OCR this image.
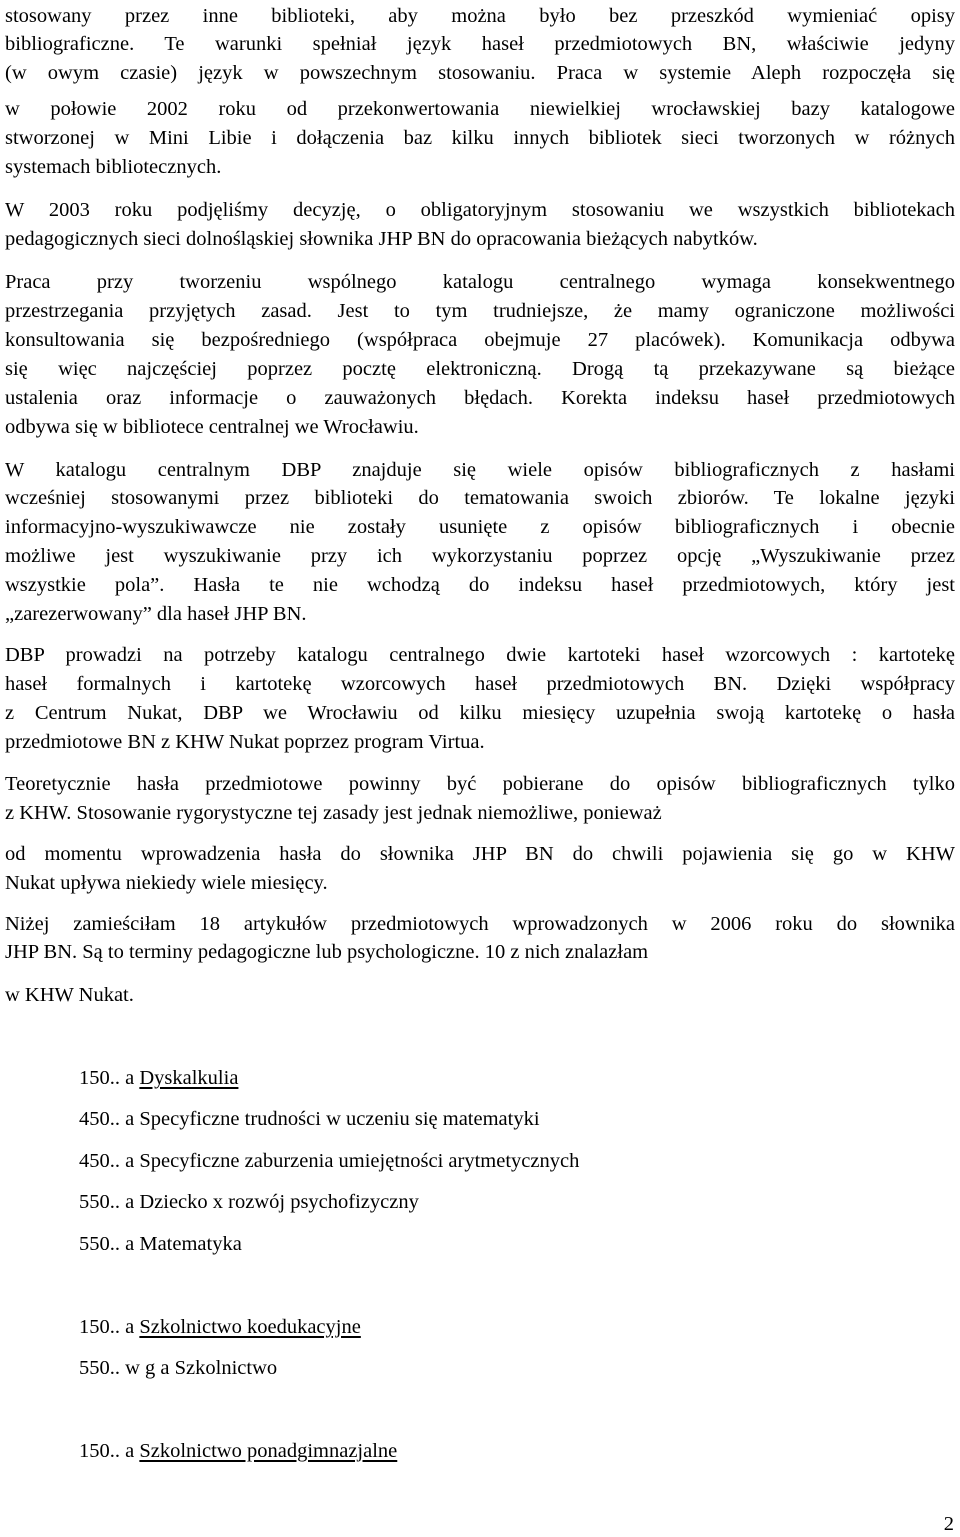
stosowany przez inne biblioteki, aby można było bez przeszkód wymieniać opisy
bibliograficzne. Te warunki spełniał język haseł przedmiotowych BN, właściwie jedyny
(w owym czasie) język w powszechnym stosowaniu. Praca w systemie Aleph rozpoczęła się
w połowie 2002 roku od przekonwertowania niewielkiej wrocławskiej bazy katalogowe
stworzonej w Mini Libie i dołączenia baz kilku innych bibliotek sieci tworzonych w różnych
systemach bibliotecznych.
W 2003 roku podjęliśmy decyzję, o obligatoryjnym stosowaniu we wszystkich bibliotekach
pedagogicznych sieci dolnośląskiej słownika JHP BN do opracowania bieżących nabytków.
Praca przy tworzeniu wspólnego katalogu centralnego wymaga konsekwentnego
przestrzegania przyjętych zasad. Jest to tym trudniejsze, że mamy ograniczone możliwości
konsultowania się bezpośredniego (współpraca obejmuje 27 placówek). Komunikacja odbywa
się więc najczęściej poprzez pocztę elektroniczną. Drogą tą przekazywane są bieżące
ustalenia oraz informacje o zauważonych błędach. Korekta indeksu haseł przedmiotowych
odbywa się w bibliotece centralnej we Wrocławiu.
W katalogu centralnym DBP znajduje się wiele opisów bibliograficznych z hasłami
wcześniej stosowanymi przez biblioteki do tematowania swoich zbiorów. Te lokalne języki
informacyjno-wyszukiwawcze nie zostały usunięte z opisów bibliograficznych i obecnie
możliwe jest wyszukiwanie przy ich wykorzystaniu poprzez opcję „Wyszukiwanie przez
wszystkie pola”. Hasła te nie wchodzą do indeksu haseł przedmiotowych, który jest
„zarezerwowany” dla haseł JHP BN.
DBP prowadzi na potrzeby katalogu centralnego dwie kartoteki haseł wzorcowych : kartotekę
haseł formalnych i kartotekę wzorcowych haseł przedmiotowych BN. Dzięki współpracy
z Centrum Nukat, DBP we Wrocławiu od kilku miesięcy uzupełnia swoją kartotekę o hasła
przedmiotowe BN z KHW Nukat poprzez program Virtua.
Teoretycznie hasła przedmiotowe powinny być pobierane do opisów bibliograficznych tylko
z KHW. Stosowanie rygorystyczne tej zasady jest jednak niemożliwe, ponieważ
od momentu wprowadzenia hasła do słownika JHP BN do chwili pojawienia się go w KHW
Nukat upływa niekiedy wiele miesięcy.
Niżej zamieściłam 18 artykułów przedmiotowych wprowadzonych w 2006 roku do słownika
JHP BN. Są to terminy pedagogiczne lub psychologiczne. 10 z nich znalazłam
w KHW Nukat.
150.. a Dyskalkulia
450.. a Specyficzne trudności w uczeniu się matematyki
450.. a Specyficzne zaburzenia umiejętności arytmetycznych
550.. a Dziecko x rozwój psychofizyczny
550.. a Matematyka
150.. a Szkolnictwo koedukacyjne
550.. w g a Szkolnictwo
150.. a Szkolnictwo ponadgimnazjalne
2
